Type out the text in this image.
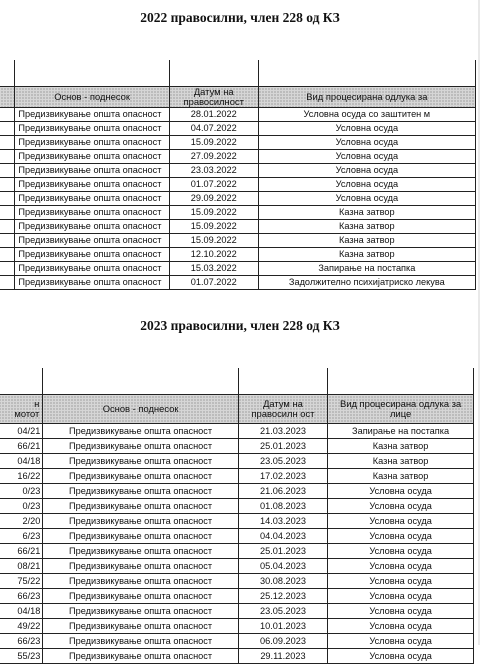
2022 правосилни, член 228 од КЗ

	Основ - поднесок	Датум на правосилност	Вид процесирана одлука за
	Предизвикување општа опасност	28.01.2022	Условна осуда со заштитен м
	Предизвикување општа опасност	04.07.2022	Условна осуда
	Предизвикување општа опасност	15.09.2022	Условна осуда
	Предизвикување општа опасност	27.09.2022	Условна осуда
	Предизвикување општа опасност	23.03.2022	Условна осуда
	Предизвикување општа опасност	01.07.2022	Условна осуда
	Предизвикување општа опасност	29.09.2022	Условна осуда
	Предизвикување општа опасност	15.09.2022	Казна затвор
	Предизвикување општа опасност	15.09.2022	Казна затвор
	Предизвикување општа опасност	15.09.2022	Казна затвор
	Предизвикување општа опасност	12.10.2022	Казна затвор
	Предизвикување општа опасност	15.03.2022	Запирање на постапка
	Предизвикување општа опасност	01.07.2022	Задолжително психијатриско лекува
2023 правосилни, член 228 од КЗ

н
мотот	Основ - поднесок	Датум на правосилн ост	Вид процесирана одлука за лице
04/21	Предизвикување општа опасност	21.03.2023	Запирање на постапка
66/21	Предизвикување општа опасност	25.01.2023	Казна затвор
04/18	Предизвикување општа опасност	23.05.2023	Казна затвор
16/22	Предизвикување општа опасност	17.02.2023	Казна затвор
0/23	Предизвикување општа опасност	21.06.2023	Условна осуда
0/23	Предизвикување општа опасност	01.08.2023	Условна осуда
2/20	Предизвикување општа опасност	14.03.2023	Условна осуда
6/23	Предизвикување општа опасност	04.04.2023	Условна осуда
66/21	Предизвикување општа опасност	25.01.2023	Условна осуда
08/21	Предизвикување општа опасност	05.04.2023	Условна осуда
75/22	Предизвикување општа опасност	30.08.2023	Условна осуда
66/23	Предизвикување општа опасност	25.12.2023	Условна осуда
04/18	Предизвикување општа опасност	23.05.2023	Условна осуда
49/22	Предизвикување општа опасност	10.01.2023	Условна осуда
66/23	Предизвикување општа опасност	06.09.2023	Условна осуда
55/23	Предизвикување општа опасност	29.11.2023	Условна осуда
